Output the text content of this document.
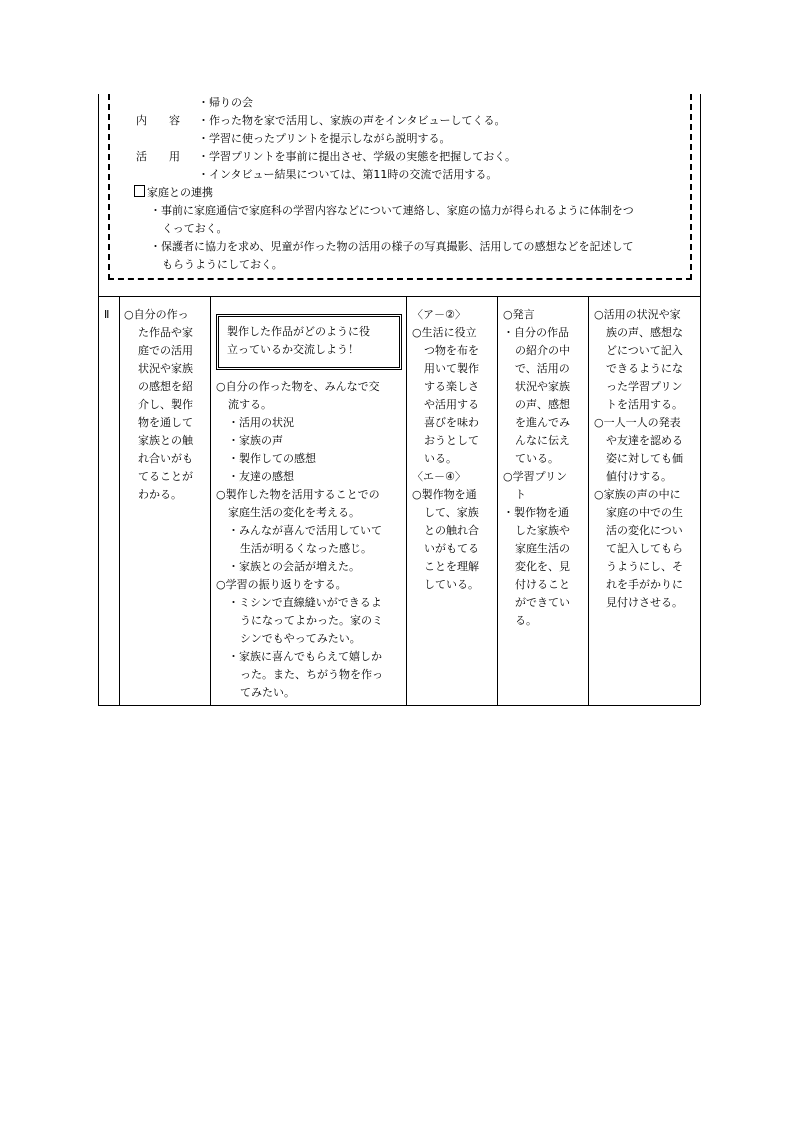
・帰りの会
内　　容 ・作った物を家で活用し、家族の声をインタビューしてくる。
・学習に使ったプリントを提示しながら説明する。
活　　用 ・学習プリントを事前に提出させ、学級の実態を把握しておく。
・インタビュー結果については、第11時の交流で活用する。
家庭との連携
・事前に家庭通信で家庭科の学習内容などについて連絡し、家庭の協力が得られるように体制をつ
くっておく。
・保護者に協力を求め、児童が作った物の活用の様子の写真撮影、活用しての感想などを記述して
もらうようにしておく。
Ⅱ ○自分の作っ
た作品や家
庭での活用
状況や家族
の感想を紹
介し、製作
物を通して
家族との触
れ合いがも
てることが
わかる。
製作した作品がどのように役
立っているか交流しよう！
○自分の作った物を、みんなで交
流する。
・活用の状況
・家族の声
・製作しての感想
・友達の感想
○製作した物を活用することでの
家庭生活の変化を考える。
・みんなが喜んで活用していて
生活が明るくなった感じ。
・家族との会話が増えた。
○学習の振り返りをする。
・ミシンで直線縫いができるよ
うになってよかった。家のミ
シンでもやってみたい。
・家族に喜んでもらえて嬉しか
った。また、ちがう物を作っ
てみたい。
〈ア－②〉
○生活に役立
つ物を布を
用いて製作
する楽しさ
や活用する
喜びを味わ
おうとして
いる。
〈エ－④〉
○製作物を通
して、家族
との触れ合
いがもてる
ことを理解
している。
○発言
・自分の作品
の紹介の中
で、活用の
状況や家族
の声、感想
を進んでみ
んなに伝え
ている。
○学習プリン
ト
・製作物を通
した家族や
家庭生活の
変化を、見
付けること
ができてい
る。
○活用の状況や家
族の声、感想な
どについて記入
できるようにな
った学習プリン
トを活用する。
○一人一人の発表
や友達を認める
姿に対しても価
値付けする。
○家族の声の中に
家庭の中での生
活の変化につい
て記入してもら
うようにし、そ
れを手がかりに
見付けさせる。
